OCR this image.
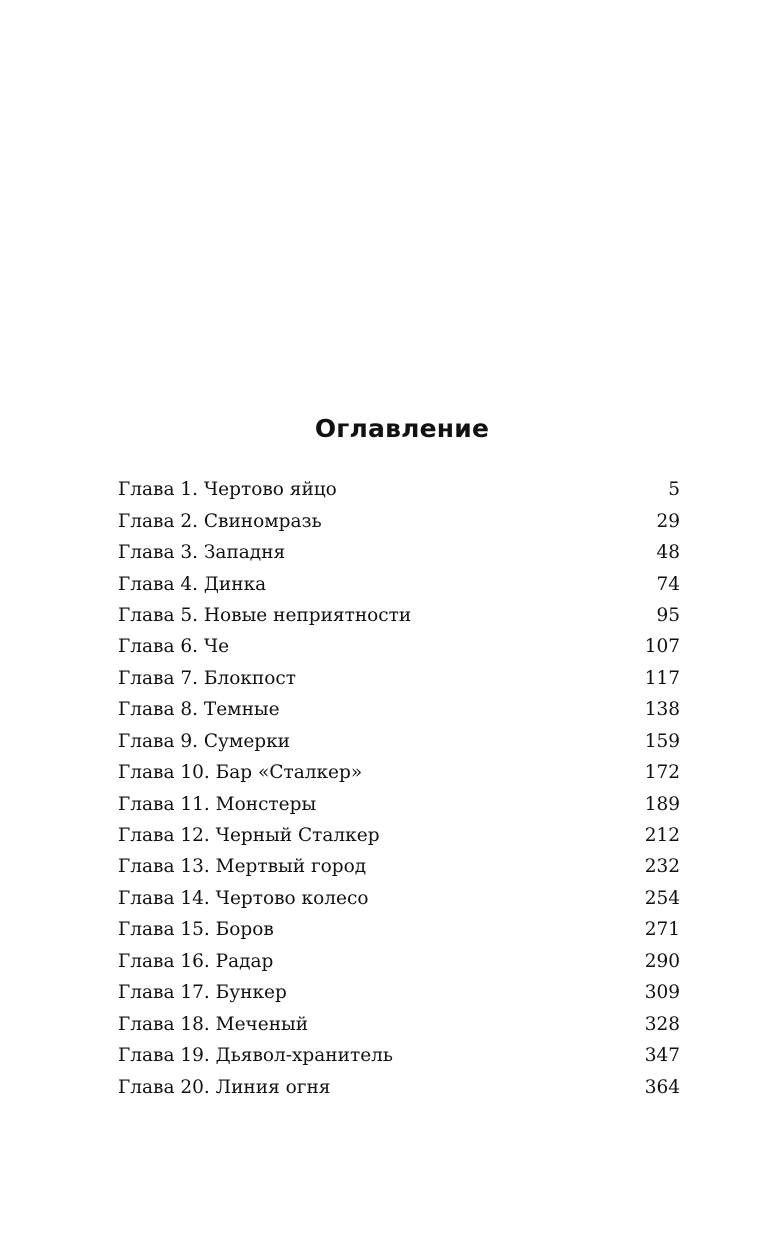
Оглавление
Глава 1. Чертово яйцо	5
Глава 2. Свиномразь	29
Глава 3. Западня	48
Глава 4. Динка	74
Глава 5. Новые неприятности	95
Глава 6. Че	107
Глава 7. Блокпост	117
Глава 8. Темные	138
Глава 9. Сумерки	159
Глава 10. Бар «Сталкер»	172
Глава 11. Монстеры	189
Глава 12. Черный Сталкер	212
Глава 13. Мертвый город	232
Глава 14. Чертово колесо	254
Глава 15. Боров	271
Глава 16. Радар	290
Глава 17. Бункер	309
Глава 18. Меченый	328
Глава 19. Дьявол-хранитель	347
Глава 20. Линия огня	364
